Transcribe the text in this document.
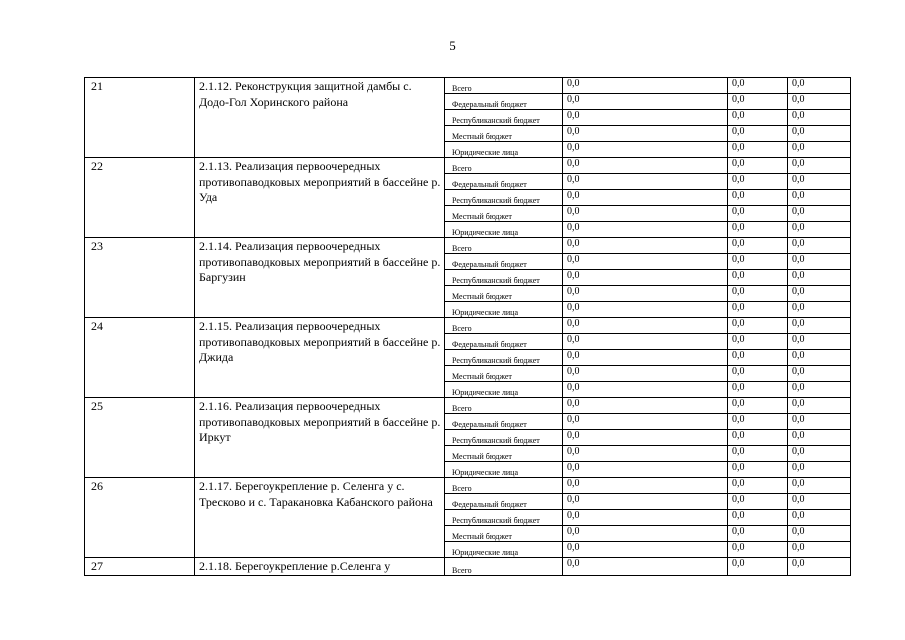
5
21	2.1.12. Реконструкция защитной дамбы с. Додо-Гол Хоринского района	Всего	0,0	0,0	0,0
		Федеральный бюджет	0,0	0,0	0,0
		Республиканский бюджет	0,0	0,0	0,0
		Местный бюджет	0,0	0,0	0,0
		Юридические лица	0,0	0,0	0,0
22	2.1.13. Реализация первоочередных противопаводковых мероприятий в бассейне р. Уда	Всего	0,0	0,0	0,0
		Федеральный бюджет	0,0	0,0	0,0
		Республиканский бюджет	0,0	0,0	0,0
		Местный бюджет	0,0	0,0	0,0
		Юридические лица	0,0	0,0	0,0
23	2.1.14. Реализация первоочередных противопаводковых мероприятий в бассейне р. Баргузин	Всего	0,0	0,0	0,0
		Федеральный бюджет	0,0	0,0	0,0
		Республиканский бюджет	0,0	0,0	0,0
		Местный бюджет	0,0	0,0	0,0
		Юридические лица	0,0	0,0	0,0
24	2.1.15. Реализация первоочередных противопаводковых мероприятий в бассейне р. Джида	Всего	0,0	0,0	0,0
		Федеральный бюджет	0,0	0,0	0,0
		Республиканский бюджет	0,0	0,0	0,0
		Местный бюджет	0,0	0,0	0,0
		Юридические лица	0,0	0,0	0,0
25	2.1.16. Реализация первоочередных противопаводковых мероприятий в бассейне р. Иркут	Всего	0,0	0,0	0,0
		Федеральный бюджет	0,0	0,0	0,0
		Республиканский бюджет	0,0	0,0	0,0
		Местный бюджет	0,0	0,0	0,0
		Юридические лица	0,0	0,0	0,0
26	2.1.17. Берегоукрепление р. Селенга у с. Тресково и с. Таракановка Кабанского района	Всего	0,0	0,0	0,0
		Федеральный бюджет	0,0	0,0	0,0
		Республиканский бюджет	0,0	0,0	0,0
		Местный бюджет	0,0	0,0	0,0
		Юридические лица	0,0	0,0	0,0
27	2.1.18. Берегоукрепление р.Селенга у	Всего	0,0	0,0	0,0
